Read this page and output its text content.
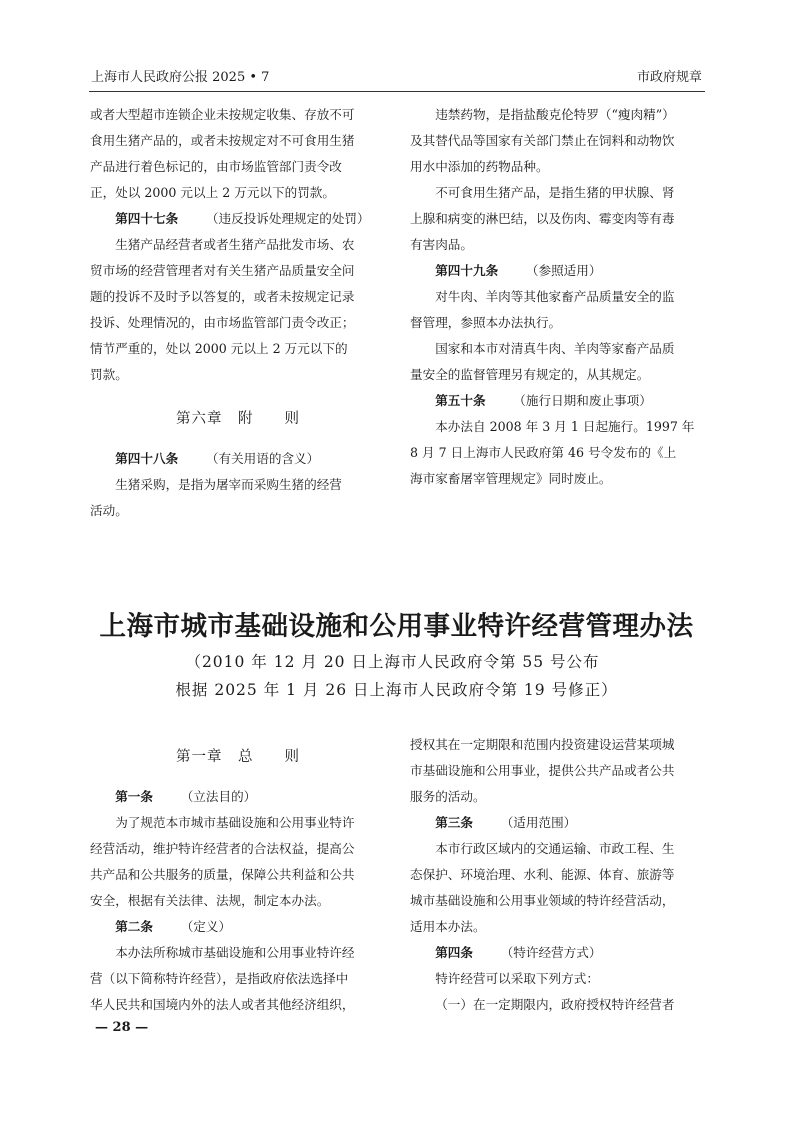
上海市人民政府公报 2025 • 7	市政府规章

或者大型超市连锁企业未按规定收集、存放不可

食用生猪产品的，或者未按规定对不可食用生猪

产品进行着色标记的，由市场监管部门责令改

正，处以 2000 元以上 2 万元以下的罚款。

第四十七条 （违反投诉处理规定的处罚）

生猪产品经营者或者生猪产品批发市场、农

贸市场的经营管理者对有关生猪产品质量安全问

题的投诉不及时予以答复的，或者未按规定记录

投诉、处理情况的，由市场监管部门责令改正；

情节严重的，处以 2000 元以上 2 万元以下的

罚款。

第六章　附　　则

第四十八条 （有关用语的含义）

生猪采购，是指为屠宰而采购生猪的经营

活动。

违禁药物，是指盐酸克伦特罗（“瘦肉精”）

及其替代品等国家有关部门禁止在饲料和动物饮

用水中添加的药物品种。

不可食用生猪产品，是指生猪的甲状腺、肾

上腺和病变的淋巴结，以及伤肉、霉变肉等有毒

有害肉品。

第四十九条 （参照适用）

对牛肉、羊肉等其他家畜产品质量安全的监

督管理，参照本办法执行。

国家和本市对清真牛肉、羊肉等家畜产品质

量安全的监督管理另有规定的，从其规定。

第五十条 （施行日期和废止事项）

本办法自 2008 年 3 月 1 日起施行。1997 年

8 月 7 日上海市人民政府第 46 号令发布的《上

海市家畜屠宰管理规定》同时废止。

上海市城市基础设施和公用事业特许经营管理办法
（2010 年 12 月 20 日上海市人民政府令第 55 号公布
根据 2025 年 1 月 26 日上海市人民政府令第 19 号修正）
第一章　总　　则

第一条 （立法目的）

为了规范本市城市基础设施和公用事业特许

经营活动，维护特许经营者的合法权益，提高公

共产品和公共服务的质量，保障公共利益和公共

安全，根据有关法律、法规，制定本办法。

第二条 （定义）

本办法所称城市基础设施和公用事业特许经

营（以下简称特许经营），是指政府依法选择中

华人民共和国境内外的法人或者其他经济组织，

授权其在一定期限和范围内投资建设运营某项城

市基础设施和公用事业，提供公共产品或者公共

服务的活动。

第三条 （适用范围）

本市行政区域内的交通运输、市政工程、生

态保护、环境治理、水利、能源、体育、旅游等

城市基础设施和公用事业领域的特许经营活动，

适用本办法。

第四条 （特许经营方式）

特许经营可以采取下列方式：

（一）在一定期限内，政府授权特许经营者

— 28 —
